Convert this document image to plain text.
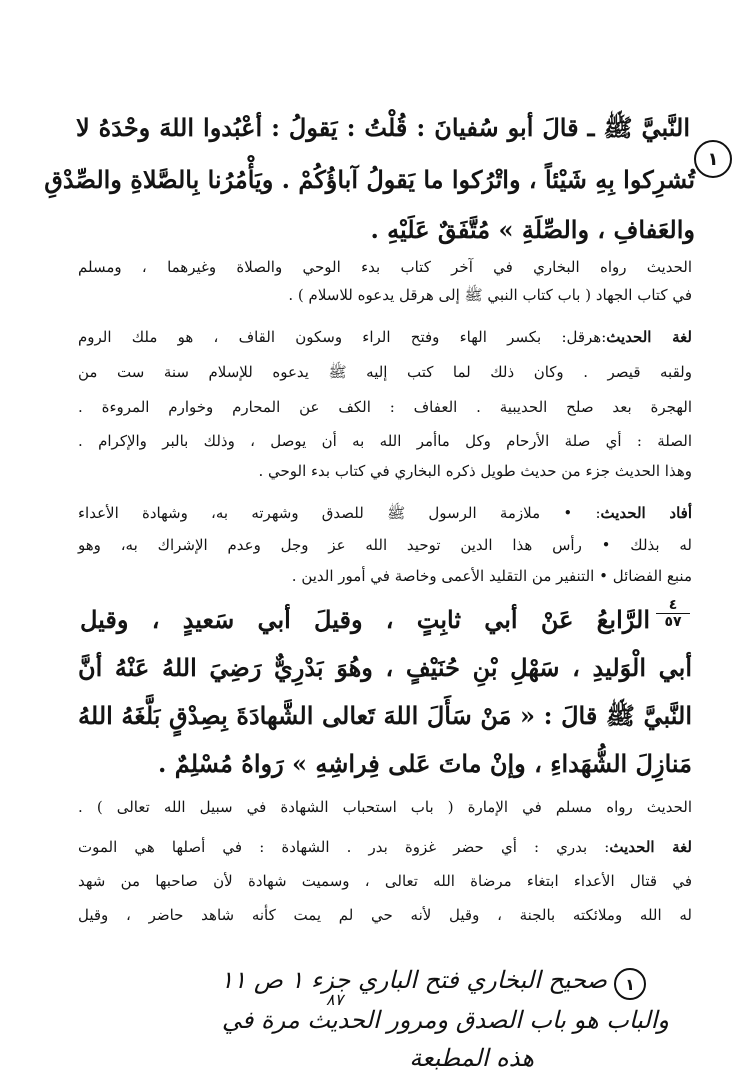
١
النَّبيَّ ﷺ ـ قالَ أبو سُفيانَ : قُلْتُ : يَقولُ : أعْبُدوا اللهَ وحْدَهُ لا
تُشرِكوا بِهِ شَيْئاً ، واتْرُكوا ما يَقولُ آباؤُكُمْ . ويَأْمُرُنا بِالصَّلاةِ والصِّدْقِ
والعَفافِ ، والصِّلَةِ » مُتَّفَقٌ عَلَيْهِ .
الحديث رواه البخاري في آخر كتاب بدء الوحي والصلاة وغيرهما ، ومسلم
في كتاب الجهاد ( باب كتاب النبي ﷺ إلى هرقل يدعوه للاسلام ) .
لغة الحديث:هرقل: بكسر الهاء وفتح الراء وسكون القاف ، هو ملك الروم
ولقبه قيصر . وكان ذلك لما كتب إليه ﷺ يدعوه للإسلام سنة ست من
الهجرة بعد صلح الحديبية . العفاف : الكف عن المحارم وخوارم المروءة .
الصلة : أي صلة الأرحام وكل ماأمر الله به أن يوصل ، وذلك بالبر والإكرام .
وهذا الحديث جزء من حديث طويل ذكره البخاري في كتاب بدء الوحي .
أفاد الحديث: • ملازمة الرسول ﷺ للصدق وشهرته به، وشهادة الأعداء
له بذلك • رأس هذا الدين توحيد الله عز وجل وعدم الإشراك به، وهو
منبع الفضائل • التنفير من التقليد الأعمى وخاصة في أمور الدين .
٤
٥٧
الرَّابعُ عَنْ أبي ثابِتٍ ، وقيلَ أبي سَعيدٍ ، وقيل
أبي الْوَليدِ ، سَهْلِ بْنِ حُنَيْفٍ ، وهُوَ بَدْرِيٌّ رَضِيَ اللهُ عَنْهُ أنَّ
النَّبيَّ ﷺ قالَ : « مَنْ سَأَلَ اللهَ تَعالى الشَّهادَةَ بِصِدْقٍ بَلَّغَهُ اللهُ
مَنازِلَ الشُّهَداءِ ، وإنْ ماتَ عَلى فِراشِهِ » رَواهُ مُسْلِمٌ .
الحديث رواه مسلم في الإمارة ( باب استحباب الشهادة في سبيل الله تعالى ) .
لغة الحديث: بدري : أي حضر غزوة بدر . الشهادة : في أصلها هي الموت
في قتال الأعداء ابتغاء مرضاة الله تعالى ، وسميت شهادة لأن صاحبها من شهد
له الله وملائكته بالجنة ، وقيل لأنه حي لم يمت كأنه شاهد حاضر ، وقيل
١
صحيح البخاري فتح الباري جزء ١ ص ١١
٨٧
والباب هو باب الصدق ومرور الحديث مرة في
هذه المطبعة
